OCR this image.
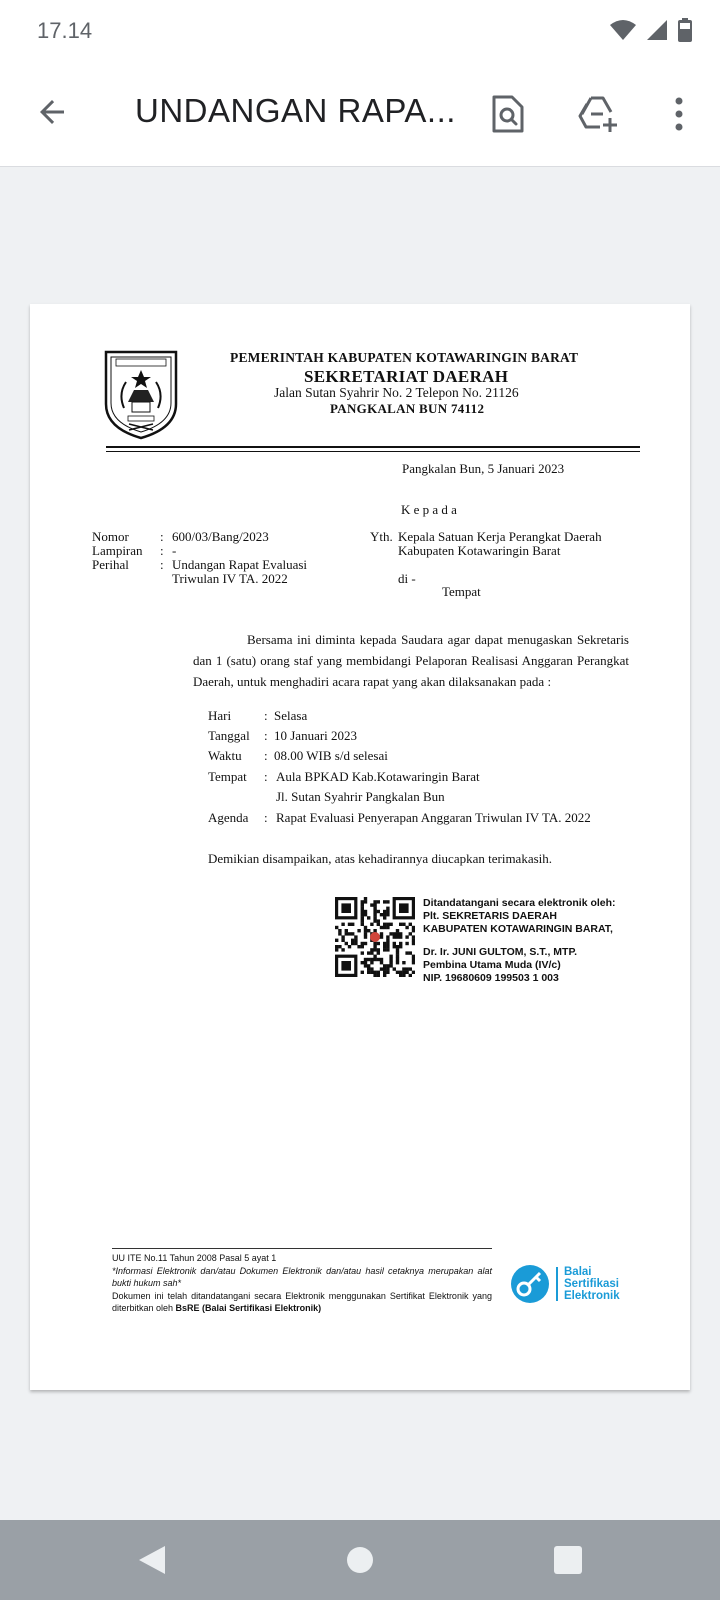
17.14
UNDANGAN RAPA...
PEMERINTAH KABUPATEN KOTAWARINGIN BARAT
SEKRETARIAT DAERAH
Jalan Sutan Syahrir No. 2 Telepon No. 21126
PANGKALAN BUN 74112
Pangkalan Bun, 5 Januari 2023
K e p a d a
Nomor : 600/03/Bang/2023
Lampiran : -
Perihal : Undangan Rapat Evaluasi
Triwulan IV TA. 2022
Yth. Kepala Satuan Kerja Perangkat Daerah
Kabupaten Kotawaringin Barat
di -
Tempat

Bersama ini diminta kepada Saudara agar dapat menugaskan Sekretaris dan 1 (satu) orang staf yang membidangi Pelaporan Realisasi Anggaran Perangkat Daerah, untuk menghadiri acara rapat yang akan dilaksanakan pada :

Hari	: Selasa
Tanggal : 10 Januari 2023
Waktu : 08.00 WIB s/d selesai
Tempat : Aula BPKAD Kab.Kotawaringin Barat
Jl. Sutan Syahrir Pangkalan Bun
Agenda : Rapat Evaluasi Penyerapan Anggaran Triwulan IV TA. 2022
Demikian disampaikan, atas kehadirannya diucapkan terimakasih.
Ditandatangani secara elektronik oleh:
Plt. SEKRETARIS DAERAH
KABUPATEN KOTAWARINGIN BARAT,
Dr. Ir. JUNI GULTOM, S.T., MTP.
Pembina Utama Muda (IV/c)
NIP. 19680609 199503 1 003
UU ITE No.11 Tahun 2008 Pasal 5 ayat 1
*Informasi Elektronik dan/atau Dokumen Elektronik dan/atau hasil cetaknya merupakan alat bukti hukum sah*
Dokumen ini telah ditandatangani secara Elektronik menggunakan Sertifikat Elektronik yang diterbitkan oleh BsRE (Balai Sertifikasi Elektronik)
Balai
Sertifikasi
Elektronik
